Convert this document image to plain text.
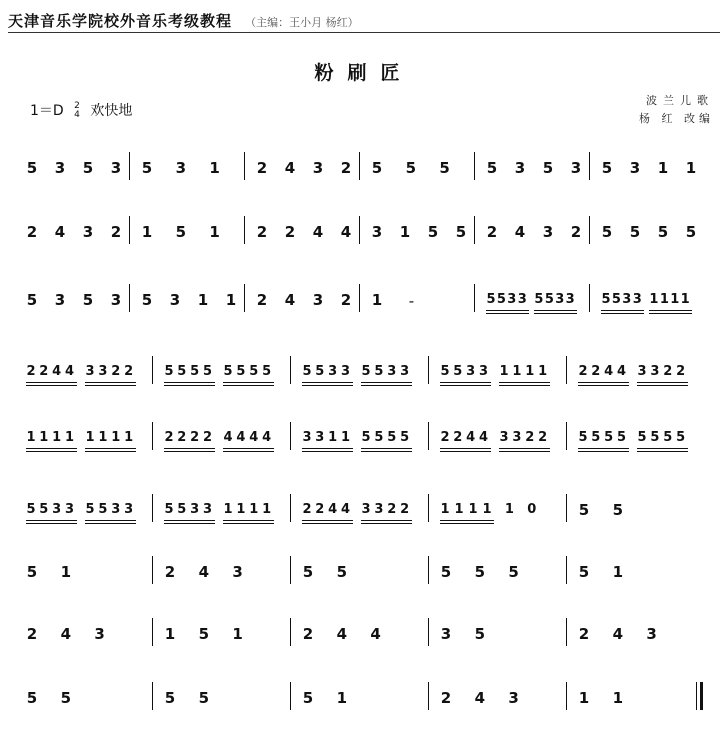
天津音乐学院校外音乐考级教程 （主编：王小月 杨红）
粉刷匠
1＝D 2
4 欢快地
波兰儿歌
杨 红 改编
5 3 5 3 5 3 1 2 4 3 2 5 5 5 5 3 5 3 5 3 1 1
2 4 3 2 1 5 1 2 2 4 4 3 1 5 5 2 4 3 2 5 5 5 5
5 3 5 3 5 3 1 1 2 4 3 2 1 -	5 5 3 3 5 5 3 3 5 5 3 3 1 1 1 1
2 2 4 4 3 3 2 2 5 5 5 5 5 5 5 5 5 5 3 3 5 5 3 3 5 5 3 3 1 1 1 1 2 2 4 4 3 3 2 2
1 1 1 1 1 1 1 1 2 2 2 2 4 4 4 4 3 3 1 1 5 5 5 5 2 2 4 4 3 3 2 2 5 5 5 5 5 5 5 5
5 5 3 3 5 5 3 3 5 5 3 3 1 1 1 1 2 2 4 4 3 3 2 2 1 1 1 1 1 0	5 5
5 1	2 4 3	5 5	5 5 5	5 1
2 4 3	1 5 1	2 4 4	3 5	2 4 3
5 5	5 5	5 1	2 4 3	1 1
